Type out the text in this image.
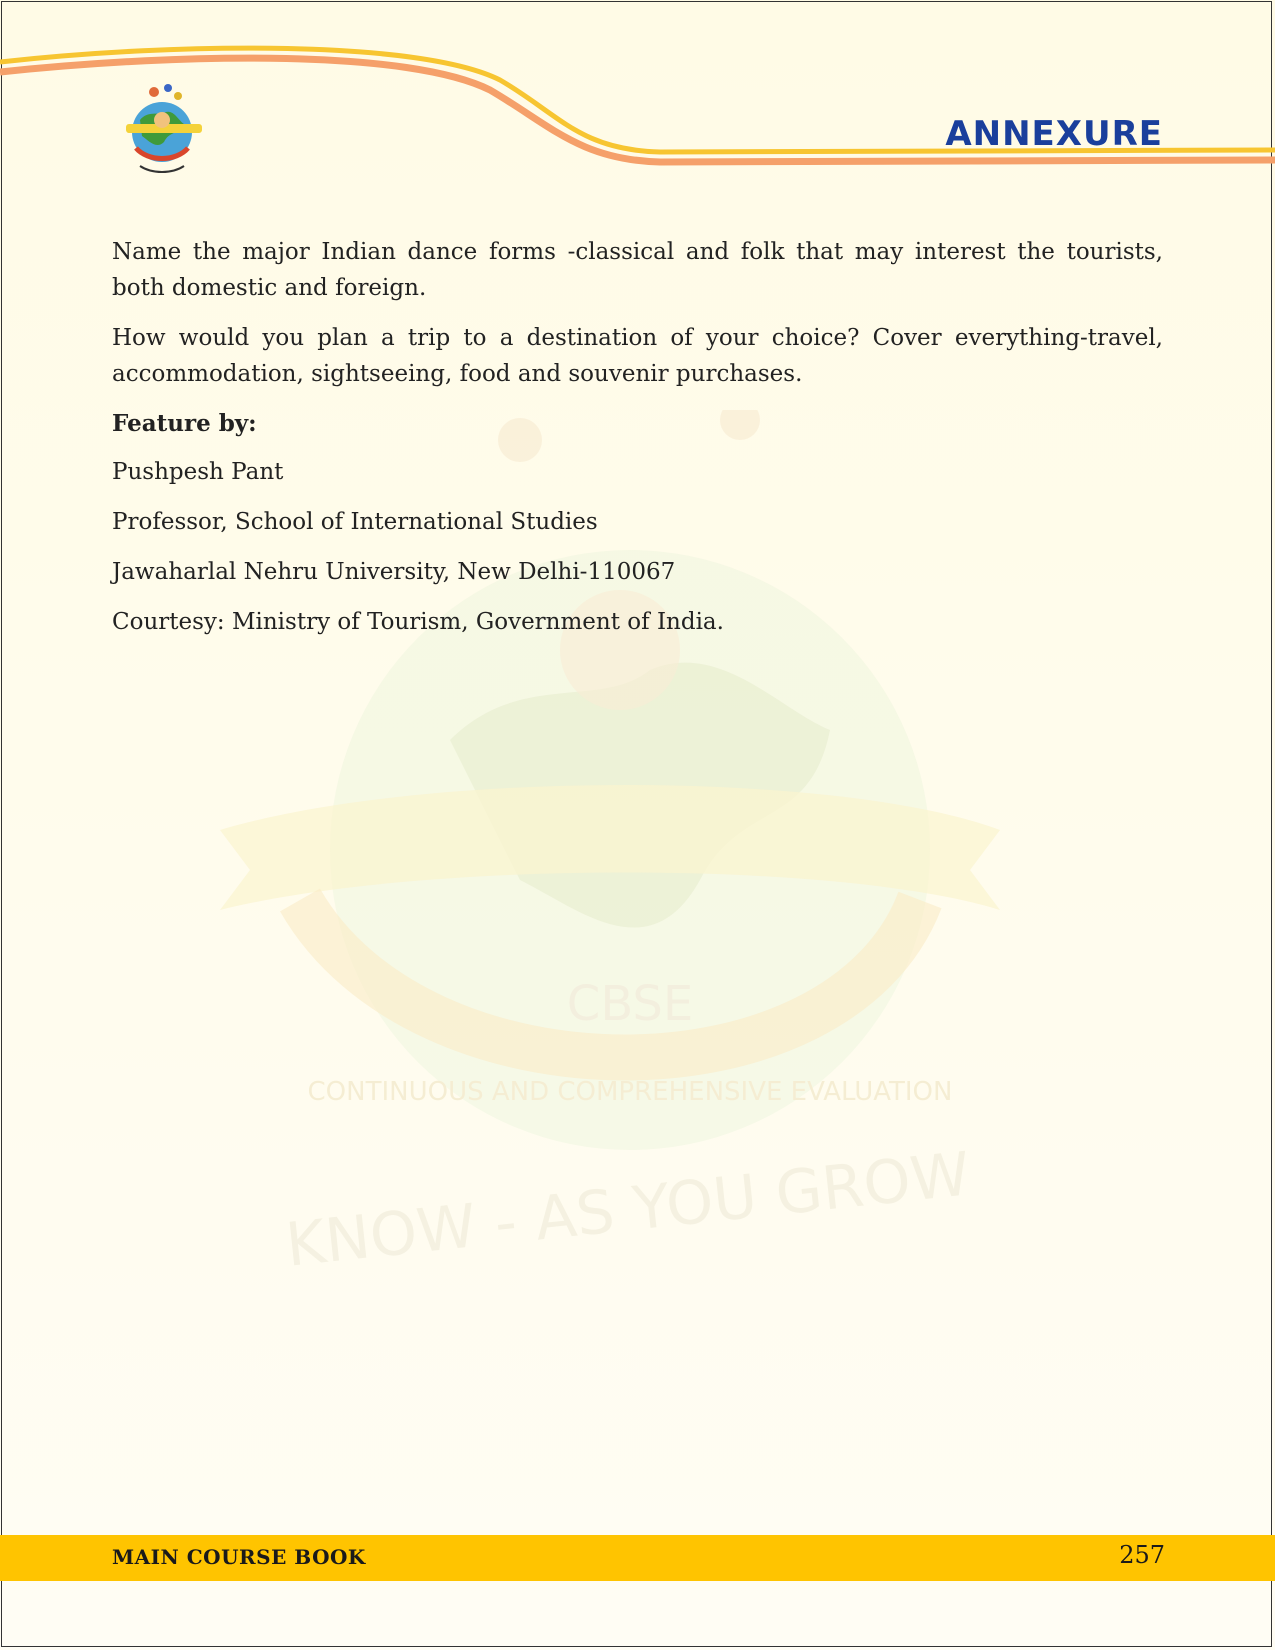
ANNEXURE
CBSE
KNOW - AS YOU GROW
CONTINUOUS AND COMPREHENSIVE EVALUATION

Name the major Indian dance forms -classical and folk that may interest the tourists, both domestic and foreign.

How would you plan a trip to a destination of your choice? Cover everything-travel, accommodation, sightseeing, food and souvenir purchases.

Feature by:
Pushpesh Pant
Professor, School of International Studies
Jawaharlal Nehru University, New Delhi-110067
Courtesy: Ministry of Tourism, Government of India.
MAIN COURSE BOOK	257
